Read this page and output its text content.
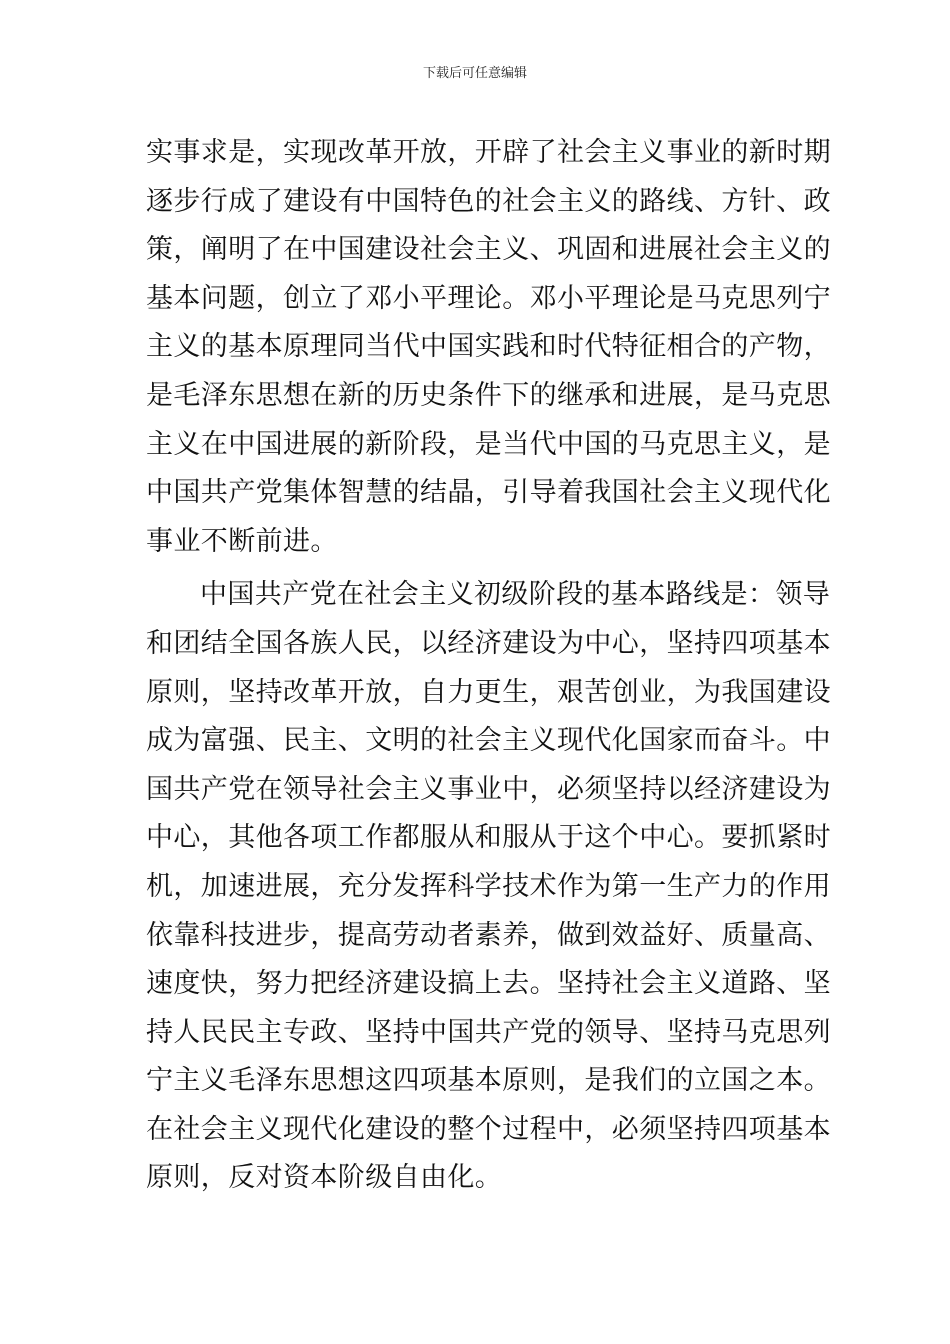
下载后可任意编辑
实事求是，实现改革开放，开辟了社会主义事业的新时期
逐步行成了建设有中国特色的社会主义的路线、方针、政
策，阐明了在中国建设社会主义、巩固和进展社会主义的
基本问题，创立了邓小平理论。邓小平理论是马克思列宁
主义的基本原理同当代中国实践和时代特征相合的产物，
是毛泽东思想在新的历史条件下的继承和进展，是马克思
主义在中国进展的新阶段，是当代中国的马克思主义，是
中国共产党集体智慧的结晶，引导着我国社会主义现代化
事业不断前进。
中国共产党在社会主义初级阶段的基本路线是：领导
和团结全国各族人民，以经济建设为中心，坚持四项基本
原则，坚持改革开放，自力更生，艰苦创业，为我国建设
成为富强、民主、文明的社会主义现代化国家而奋斗。中
国共产党在领导社会主义事业中，必须坚持以经济建设为
中心，其他各项工作都服从和服从于这个中心。要抓紧时
机，加速进展，充分发挥科学技术作为第一生产力的作用
依靠科技进步，提高劳动者素养，做到效益好、质量高、
速度快，努力把经济建设搞上去。坚持社会主义道路、坚
持人民民主专政、坚持中国共产党的领导、坚持马克思列
宁主义毛泽东思想这四项基本原则，是我们的立国之本。
在社会主义现代化建设的整个过程中，必须坚持四项基本
原则，反对资本阶级自由化。
